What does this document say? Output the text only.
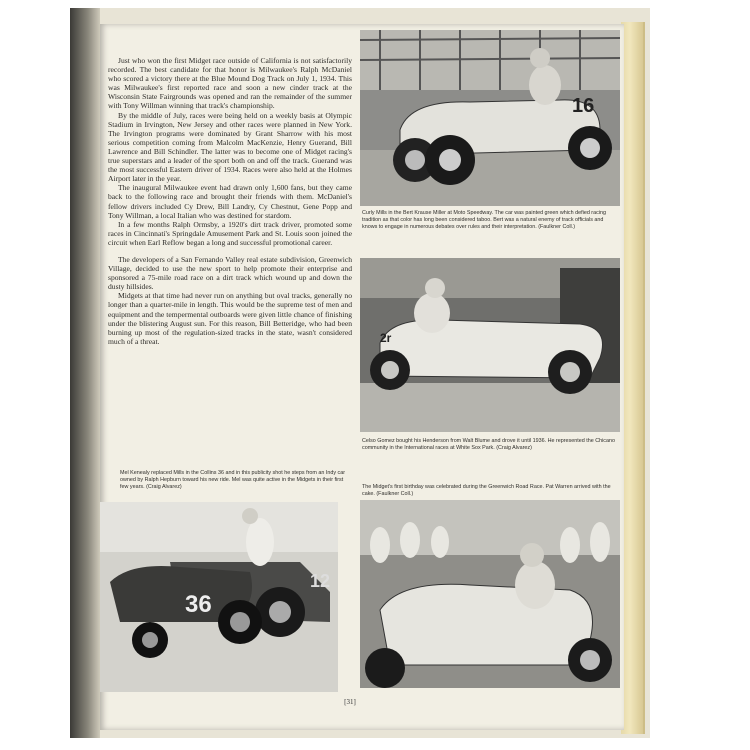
Just who won the first Midget race outside of California is not satisfactorily recorded. The best candidate for that honor is Milwaukee's Ralph McDaniel who scored a victory there at the Blue Mound Dog Track on July 1, 1934. This was Milwaukee's first reported race and soon a new cinder track at the Wisconsin State Fairgrounds was opened and ran the remainder of the summer with Tony Willman winning that track's championship.

By the middle of July, races were being held on a weekly basis at Olympic Stadium in Irvington, New Jersey and other races were planned in New York. The Irvington programs were dominated by Grant Sharrow with his most serious competition coming from Malcolm MacKenzie, Henry Guerand, Bill Lawrence and Bill Schindler. The latter was to become one of Midget racing's true superstars and a leader of the sport both on and off the track. Guerand was the most successful Eastern driver of 1934. Races were also held at the Holmes Airport later in the year.

The inaugural Milwaukee event had drawn only 1,600 fans, but they came back to the following race and brought their friends with them. McDaniel's fellow drivers included Cy Drew, Bill Landry, Cy Chestnut, Gene Popp and Tony Willman, a local Italian who was destined for stardom.

In a few months Ralph Ormsby, a 1920's dirt track driver, promoted some races in Cincinnati's Springdale Amusement Park and St. Louis soon joined the circuit when Earl Reflow began a long and successful promotional career.

The developers of a San Fernando Valley real estate subdivision, Greenwich Village, decided to use the new sport to help promote their enterprise and sponsored a 75-mile road race on a dirt track which wound up and down the dusty hillsides.

Midgets at that time had never run on anything but oval tracks, generally no longer than a quarter-mile in length. This would be the supreme test of men and equipment and the tempermental outboards were given little chance of finishing under the blistering August sun. For this reason, Bill Betteridge, who had been burning up most of the regulation-sized tracks in the state, wasn't considered much of a threat.

16
Curly Mills in the Bert Krause Miller at Moto Speedway. The car was painted green which defied racing tradition as that color has long been considered taboo. Bert was a natural enemy of track officials and knows to engage in numerous debates over rules and their interpretation. (Faulkner Coll.)
2r
Celso Gomez bought his Henderson from Walt Blume and drove it until 1936. He represented the Chicano community in the International races at White Sox Park. (Craig Alvarez)
Mel Kenealy replaced Mills in the Collins 36 and in this publicity shot he steps from an Indy car owned by Ralph Hepburn toward his new ride. Mel was quite active in the Midgets in their first few years. (Craig Alvarez)
36
12
The Midget's first birthday was celebrated during the Greenwich Road Race. Pat Warren arrived with the cake. (Faulkner Coll.)
[31]
